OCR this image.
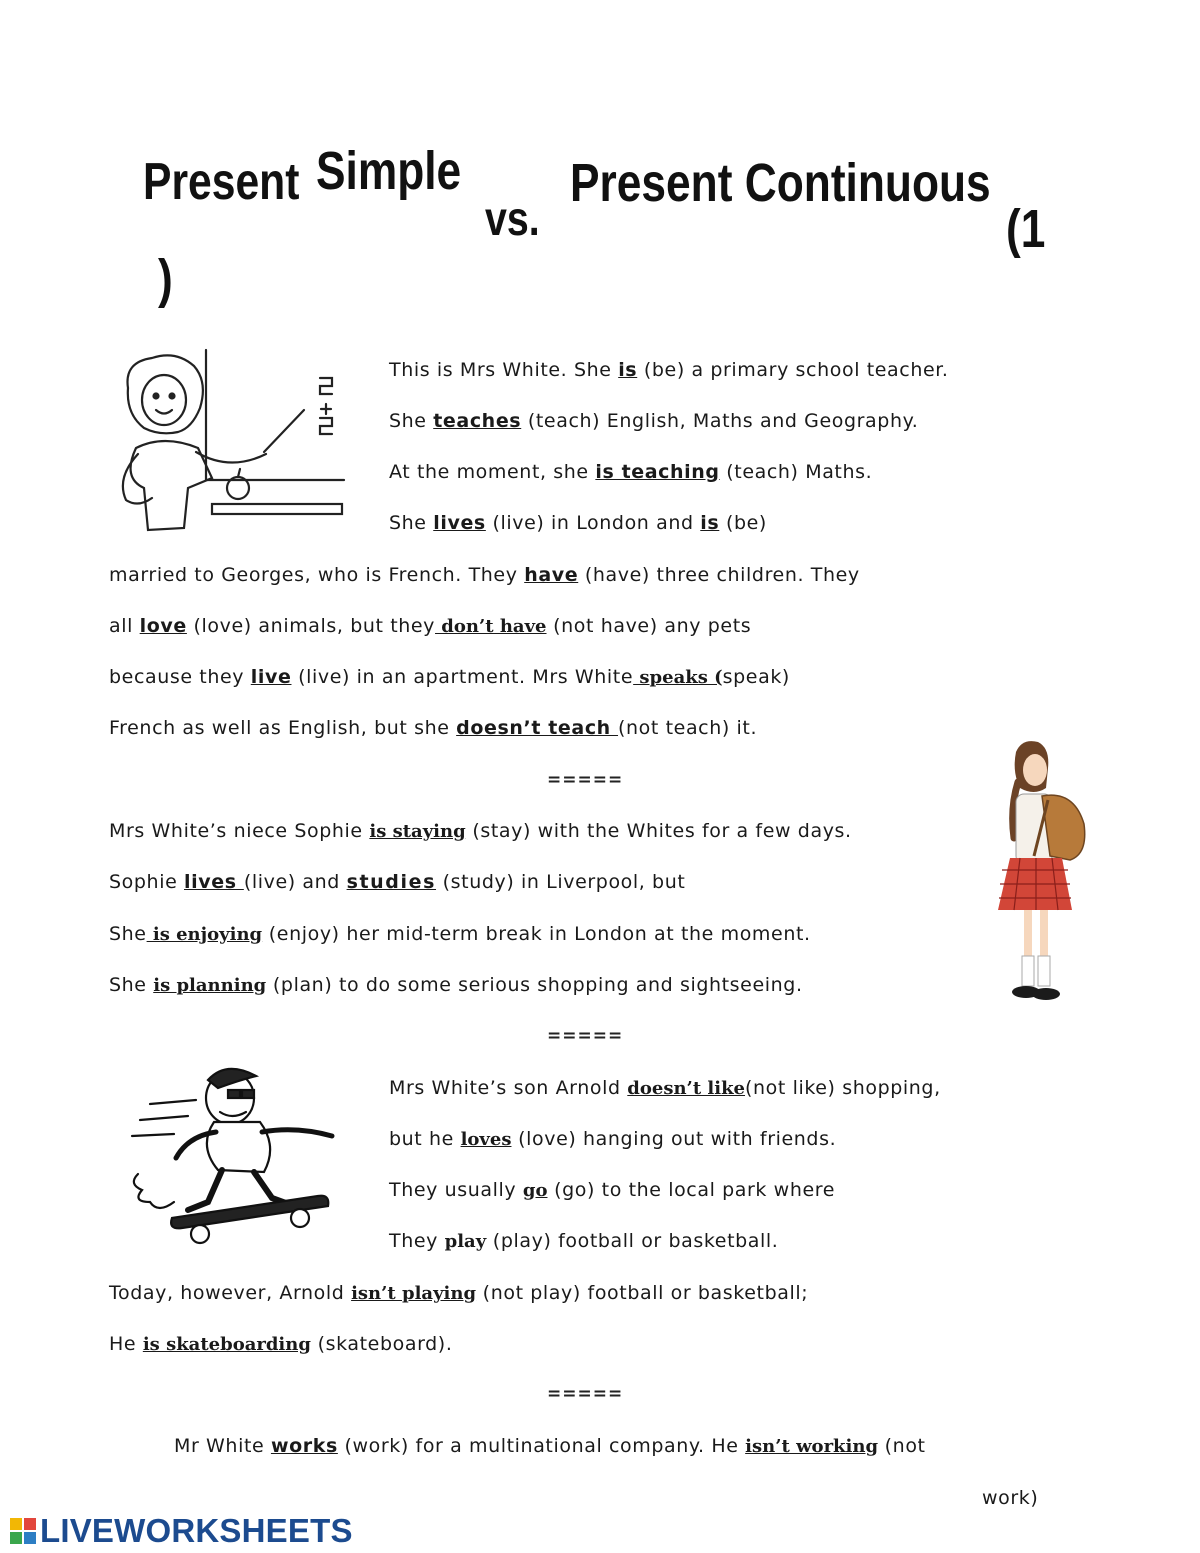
Present Simple
vs.
Present Continuous
(1
)

This is Mrs White. She is (be) a primary school teacher.

She teaches (teach) English, Maths and Geography.

At the moment, she is teaching (teach) Maths.

She lives (live) in London and is (be)

married to Georges, who is French. They have (have) three children. They

all love (love) animals, but they don’t have (not have) any pets

because they live (live) in an apartment. Mrs White speaks (speak)

French as well as English, but she doesn’t teach (not teach) it.

=====

Mrs White’s niece Sophie is staying (stay) with the Whites for a few days.

Sophie lives (live) and studies (study) in Liverpool, but

She is enjoying (enjoy) her mid-term break in London at the moment.

She is planning (plan) to do some serious shopping and sightseeing.

=====

Mrs White’s son Arnold doesn’t like(not like) shopping,

but he loves (love) hanging out with friends.

They usually go (go) to the local park where

They play (play) football or basketball.

Today, however, Arnold isn’t playing (not play) football or basketball;

He is skateboarding (skateboard).

=====

Mr White works (work) for a multinational company. He isn’t working (not

work)

LIVEWORKSHEETS
